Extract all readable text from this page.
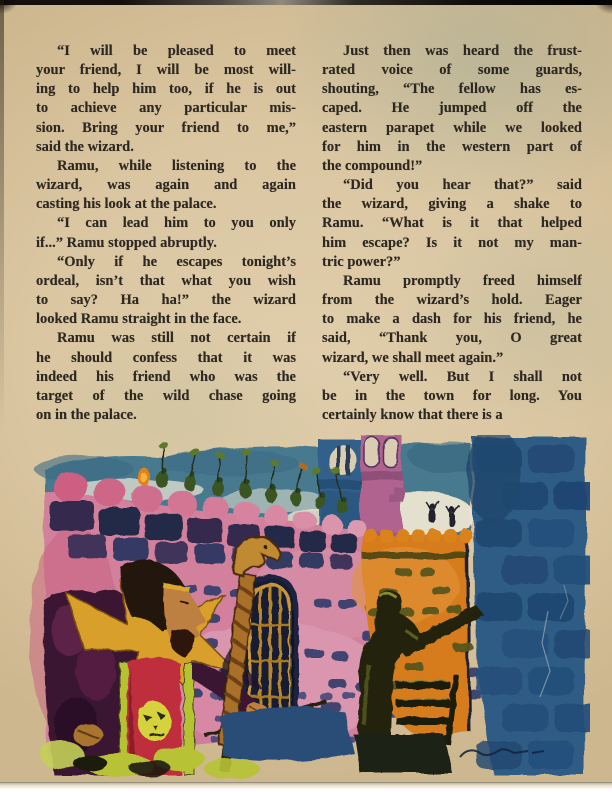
“I will be pleased to meet
your friend, I will be most will-
ing to help him too, if he is out
to achieve any particular mis-
sion. Bring your friend to me,”
said the wizard.

Ramu, while listening to the
wizard, was again and again
casting his look at the palace.

“I can lead him to you only
if...” Ramu stopped abruptly.

“Only if he escapes tonight’s
ordeal, isn’t that what you wish
to say? Ha ha!” the wizard
looked Ramu straight in the face.

Ramu was still not certain if
he should confess that it was
indeed his friend who was the
target of the wild chase going
on in the palace.

Just then was heard the frust-
rated voice of some guards,
shouting, “The fellow has es-
caped. He jumped off the
eastern parapet while we looked
for him in the western part of
the compound!”

“Did you hear that?” said
the wizard, giving a shake to
Ramu. “What is it that helped
him escape? Is it not my man-
tric power?”

Ramu promptly freed himself
from the wizard’s hold. Eager
to make a dash for his friend, he
said, “Thank you, O great
wizard, we shall meet again.”

“Very well. But I shall not
be in the town for long. You
certainly know that there is a
